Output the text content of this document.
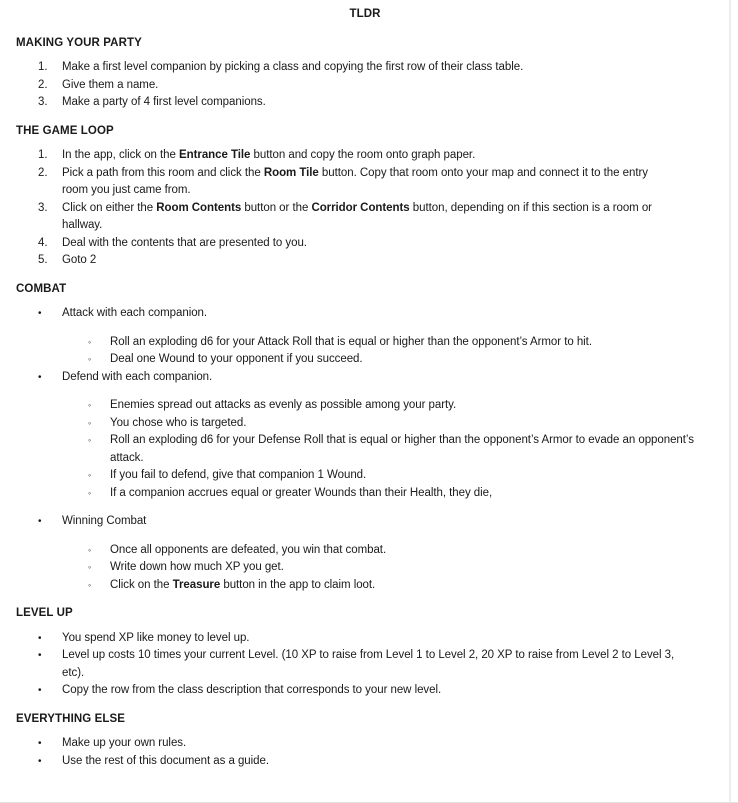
TLDR
MAKING YOUR PARTY
1. Make a first level companion by picking a class and copying the first row of their class table.
2. Give them a name.
3. Make a party of 4 first level companions.
THE GAME LOOP
1. In the app, click on the Entrance Tile button and copy the room onto graph paper.
2. Pick a path from this room and click the Room Tile button. Copy that room onto your map and connect it to the entry
room you just came from.
3. Click on either the Room Contents button or the Corridor Contents button, depending on if this section is a room or
hallway.
4. Deal with the contents that are presented to you.
5. Goto 2
COMBAT
• Attack with each companion.
◦ Roll an exploding d6 for your Attack Roll that is equal or higher than the opponent’s Armor to hit.
◦ Deal one Wound to your opponent if you succeed.
• Defend with each companion.
◦ Enemies spread out attacks as evenly as possible among your party.
◦ You chose who is targeted.
◦ Roll an exploding d6 for your Defense Roll that is equal or higher than the opponent’s Armor to evade an opponent’s
attack.
◦ If you fail to defend, give that companion 1 Wound.
◦ If a companion accrues equal or greater Wounds than their Health, they die,
• Winning Combat
◦ Once all opponents are defeated, you win that combat.
◦ Write down how much XP you get.
◦ Click on the Treasure button in the app to claim loot.
LEVEL UP
• You spend XP like money to level up.
• Level up costs 10 times your current Level. (10 XP to raise from Level 1 to Level 2, 20 XP to raise from Level 2 to Level 3,
etc).
• Copy the row from the class description that corresponds to your new level.
EVERYTHING ELSE
• Make up your own rules.
• Use the rest of this document as a guide.
